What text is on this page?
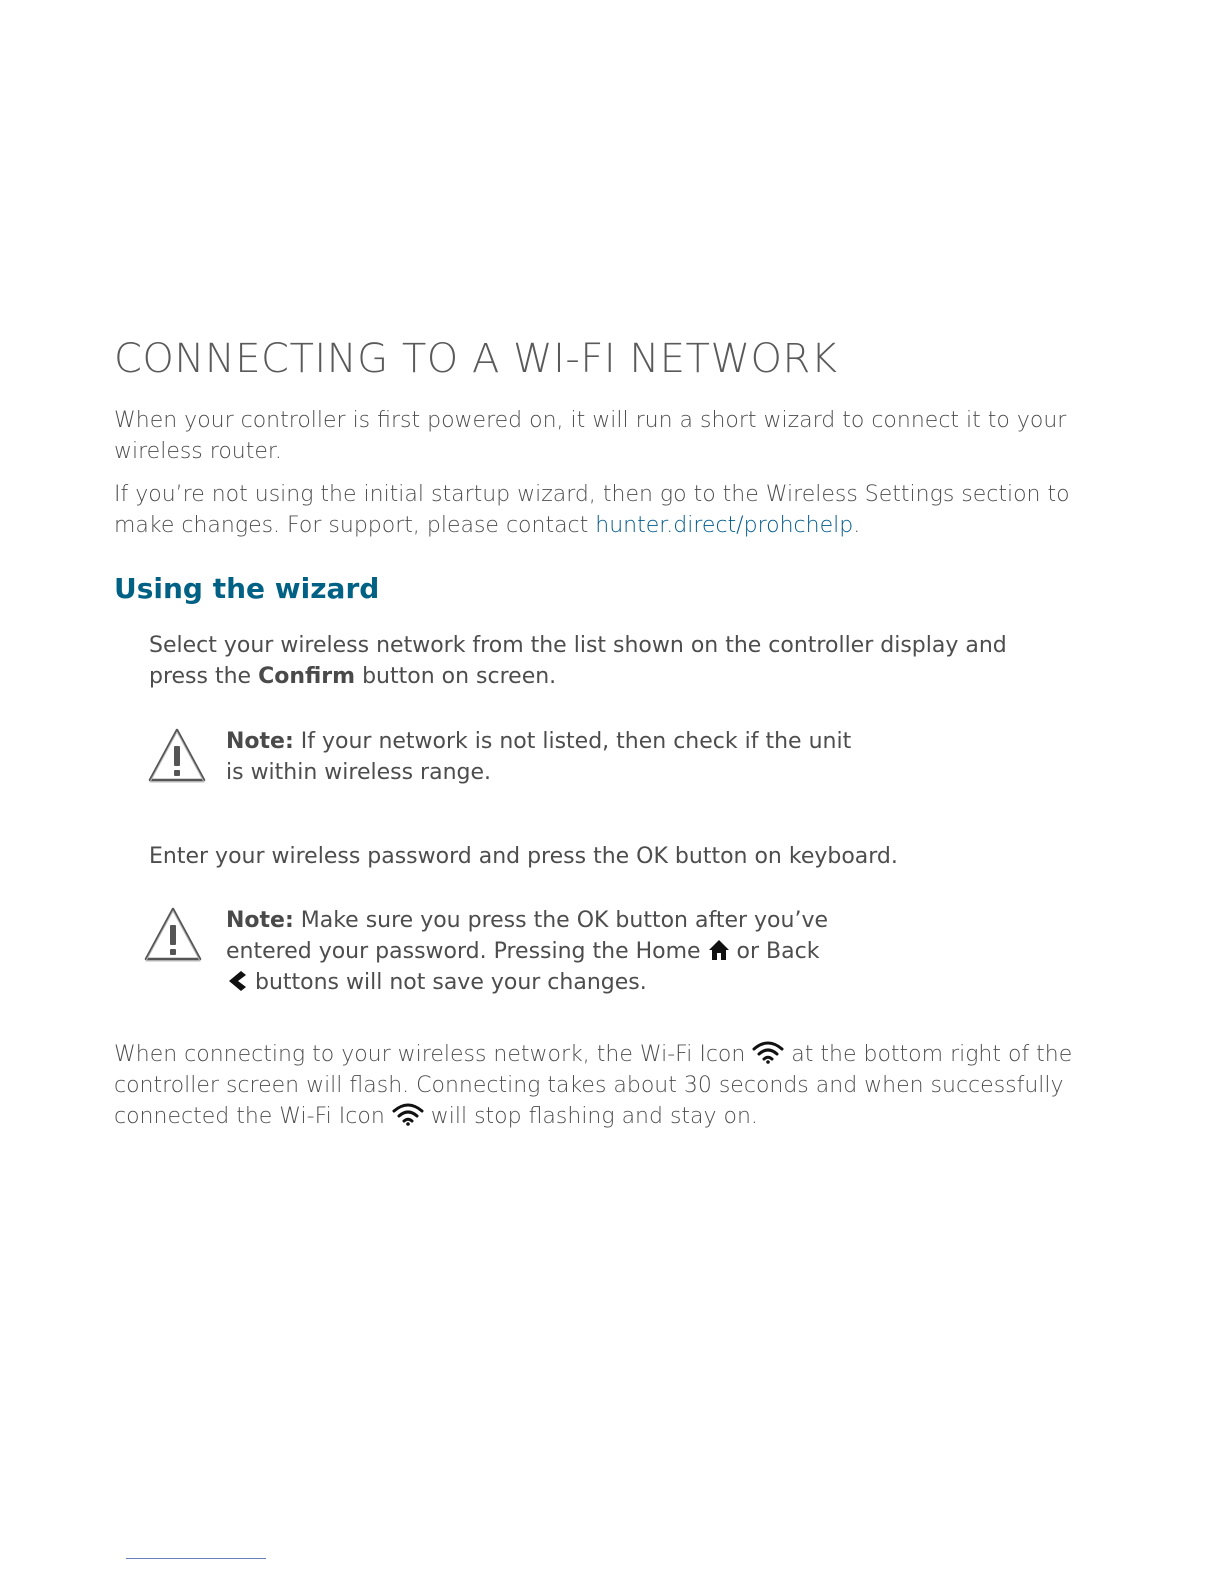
CONNECTING TO A WI-FI NETWORK

When your controller is first powered on, it will run a short wizard to connect it to your wireless router.

If you’re not using the initial startup wizard, then go to the Wireless Settings section to make changes. For support, please contact hunter.direct/prohchelp.

Using the wizard

Select your wireless network from the list shown on the controller display and press the Confirm button on screen.

Note: If your network is not listed, then check if the unit is within wireless range.

Enter your wireless password and press the OK button on keyboard.

Note: Make sure you press the OK button after you’ve entered your password. Pressing the Home  or Back
buttons will not save your changes.

When connecting to your wireless network, the Wi-Fi Icon  at the bottom right of the controller screen will flash. Connecting takes about 30 seconds and when successfully connected the Wi-Fi Icon  will stop flashing and stay on.
